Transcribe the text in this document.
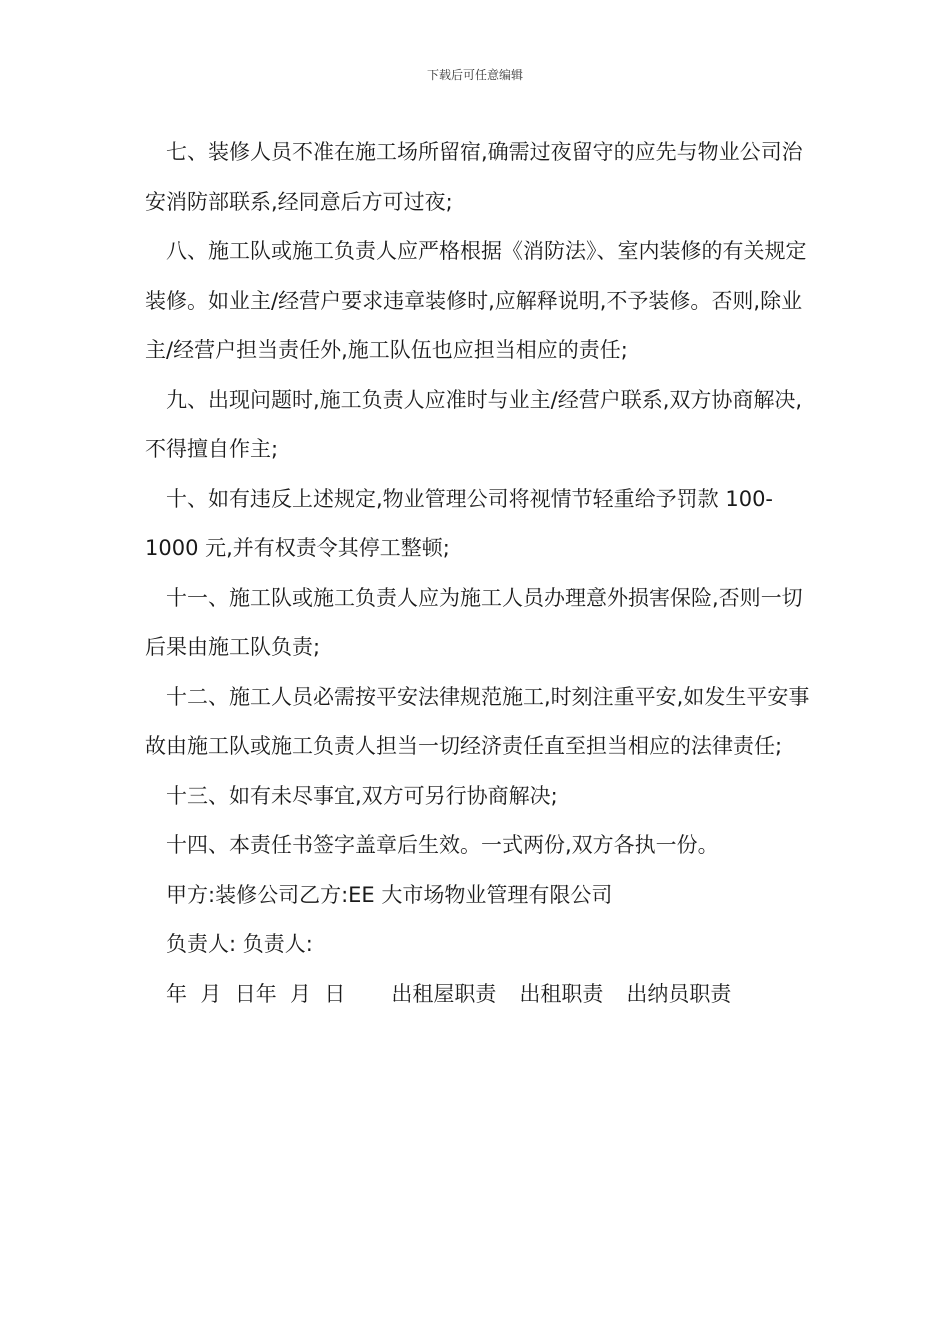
下载后可任意编辑

七、装修人员不准在施工场所留宿,确需过夜留守的应先与物业公司治安消防部联系,经同意后方可过夜;

八、施工队或施工负责人应严格根据《消防法》、室内装修的有关规定装修。如业主/经营户要求违章装修时,应解释说明,不予装修。否则,除业主/经营户担当责任外,施工队伍也应担当相应的责任;

九、出现问题时,施工负责人应准时与业主/经营户联系,双方协商解决,不得擅自作主;

十、如有违反上述规定,物业管理公司将视情节轻重给予罚款 100-1000 元,并有权责令其停工整顿;

十一、施工队或施工负责人应为施工人员办理意外损害保险,否则一切后果由施工队负责;

十二、施工人员必需按平安法律规范施工,时刻注重平安,如发生平安事故由施工队或施工负责人担当一切经济责任直至担当相应的法律责任;

十三、如有未尽事宜,双方可另行协商解决;

十四、本责任书签字盖章后生效。一式两份,双方各执一份。

甲方:装修公司乙方:EE 大市场物业管理有限公司

负责人: 负责人:

年  月  日年  月  日 出租屋职责 出租职责 出纳员职责
